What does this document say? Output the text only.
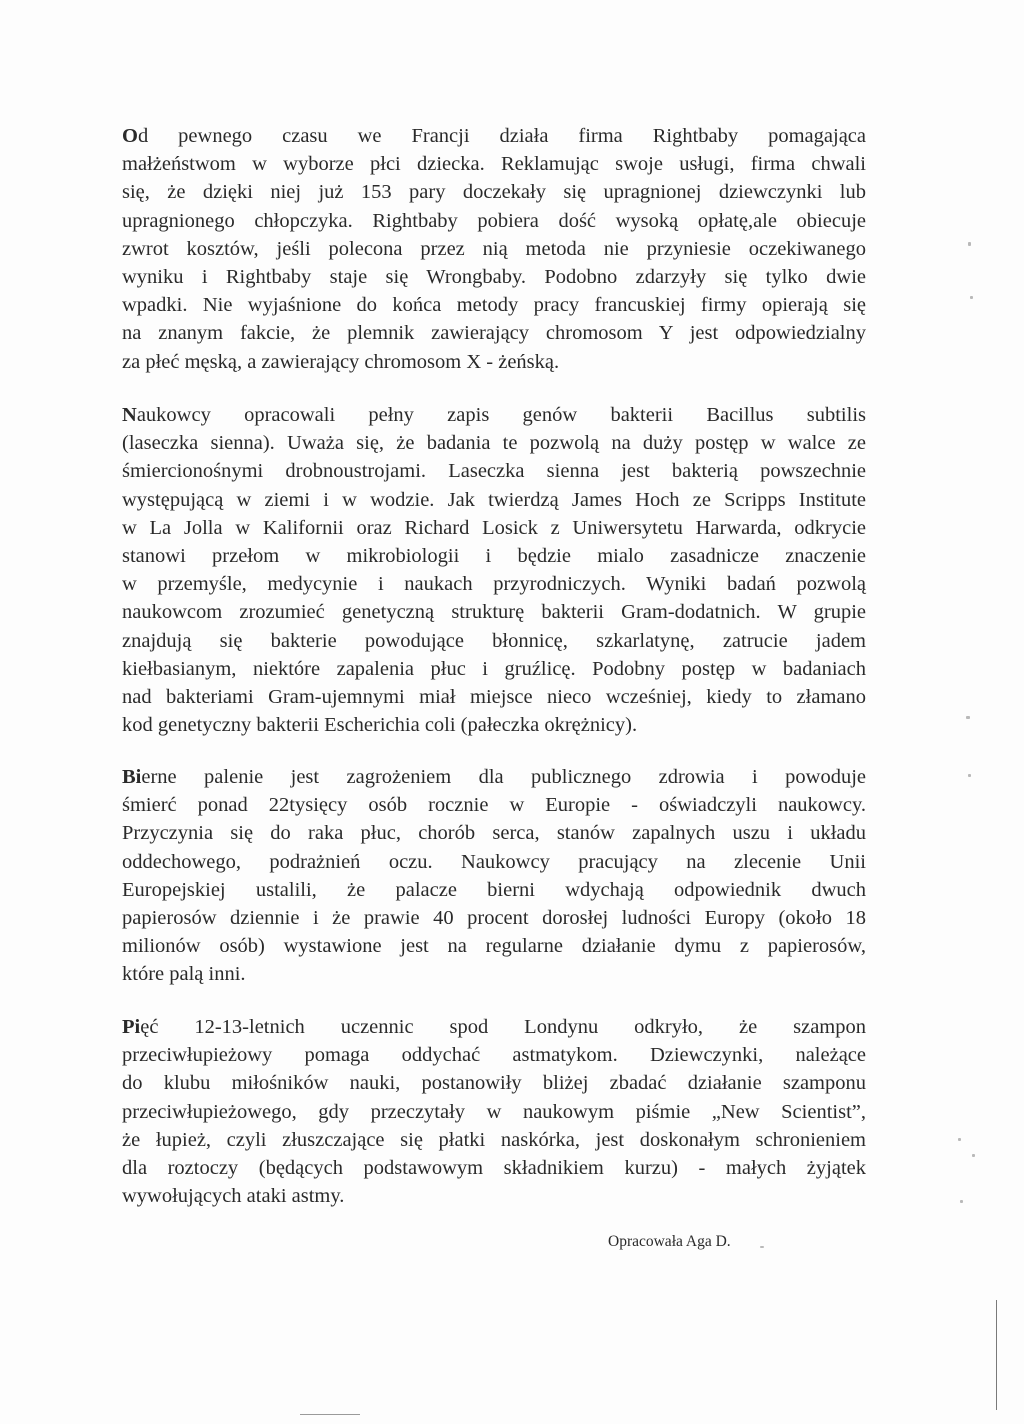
Od pewnego czasu we Francji działa firma Rightbaby pomagająca
małżeństwom w wyborze płci dziecka. Reklamując swoje usługi, firma chwali
się, że dzięki niej już 153 pary doczekały się upragnionej dziewczynki lub
upragnionego chłopczyka. Rightbaby pobiera dość wysoką opłatę,ale obiecuje
zwrot kosztów, jeśli polecona przez nią metoda nie przyniesie oczekiwanego
wyniku i Rightbaby staje się Wrongbaby. Podobno zdarzyły się tylko dwie
wpadki. Nie wyjaśnione do końca metody pracy francuskiej firmy opierają się
na znanym fakcie, że plemnik zawierający chromosom Y jest odpowiedzialny
za płeć męską, a zawierający chromosom X - żeńską.
Naukowcy opracowali pełny zapis genów bakterii Bacillus subtilis
(laseczka sienna). Uważa się, że badania te pozwolą na duży postęp w walce ze
śmiercionośnymi drobnoustrojami. Laseczka sienna jest bakterią powszechnie
występującą w ziemi i w wodzie. Jak twierdzą James Hoch ze Scripps Institute
w La Jolla w Kalifornii oraz Richard Losick z Uniwersytetu Harwarda, odkrycie
stanowi przełom w mikrobiologii i będzie mialo zasadnicze znaczenie
w przemyśle, medycynie i naukach przyrodniczych. Wyniki badań pozwolą
naukowcom zrozumieć genetyczną strukturę bakterii Gram-dodatnich. W grupie
znajdują się bakterie powodujące błonnicę, szkarlatynę, zatrucie jadem
kiełbasianym, niektóre zapalenia płuc i gruźlicę. Podobny postęp w badaniach
nad bakteriami Gram-ujemnymi miał miejsce nieco wcześniej, kiedy to złamano
kod genetyczny bakterii Escherichia coli (pałeczka okrężnicy).
Bierne palenie jest zagrożeniem dla publicznego zdrowia i powoduje
śmierć ponad 22tysięcy osób rocznie w Europie - oświadczyli naukowcy.
Przyczynia się do raka płuc, chorób serca, stanów zapalnych uszu i układu
oddechowego, podrażnień oczu. Naukowcy pracujący na zlecenie Unii
Europejskiej ustalili, że palacze bierni wdychają odpowiednik dwuch
papierosów dziennie i że prawie 40 procent dorosłej ludności Europy (około 18
milionów osób) wystawione jest na regularne działanie dymu z papierosów,
które palą inni.
Pięć 12-13-letnich uczennic spod Londynu odkryło, że szampon
przeciwłupieżowy pomaga oddychać astmatykom. Dziewczynki, należące
do klubu miłośników nauki, postanowiły bliżej zbadać działanie szamponu
przeciwłupieżowego, gdy przeczytały w naukowym piśmie „New Scientist”,
że łupież, czyli złuszczające się płatki naskórka, jest doskonałym schronieniem
dla roztoczy (będących podstawowym składnikiem kurzu) - małych żyjątek
wywołujących ataki astmy.
Opracowała Aga D.
